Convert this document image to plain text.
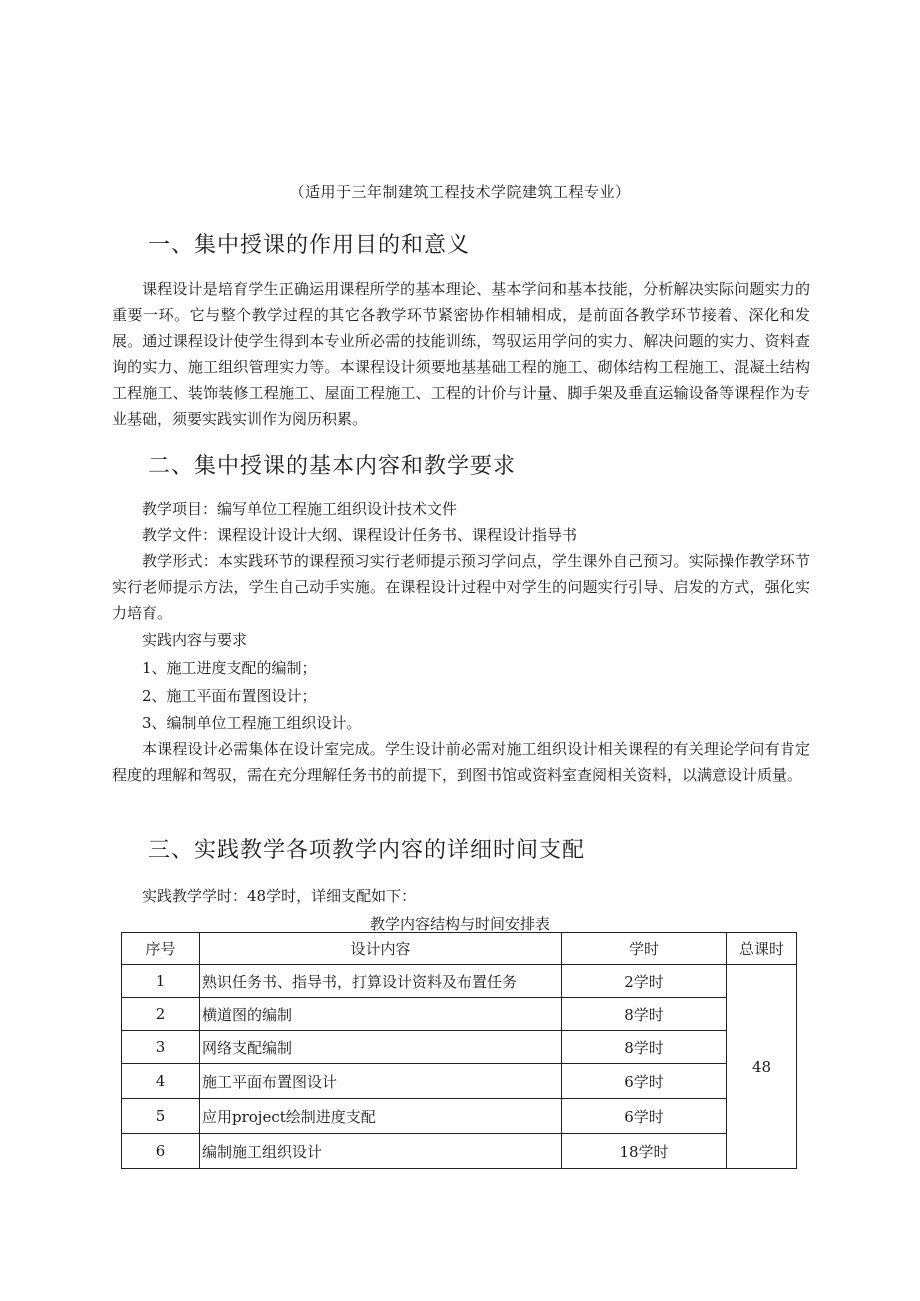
（适用于三年制建筑工程技术学院建筑工程专业）
一、集中授课的作用目的和意义

课程设计是培育学生正确运用课程所学的基本理论、基本学问和基本技能，分析解决实际问题实力的重要一环。它与整个教学过程的其它各教学环节紧密协作相辅相成，是前面各教学环节接着、深化和发展。通过课程设计使学生得到本专业所必需的技能训练，驾驭运用学问的实力、解决问题的实力、资料查询的实力、施工组织管理实力等。本课程设计须要地基基础工程的施工、砌体结构工程施工、混凝土结构工程施工、装饰装修工程施工、屋面工程施工、工程的计价与计量、脚手架及垂直运输设备等课程作为专业基础，须要实践实训作为阅历积累。

二、集中授课的基本内容和教学要求
教学项目：编写单位工程施工组织设计技术文件
教学文件：课程设计设计大纲、课程设计任务书、课程设计指导书

教学形式：本实践环节的课程预习实行老师提示预习学问点，学生课外自己预习。实际操作教学环节实行老师提示方法，学生自己动手实施。在课程设计过程中对学生的问题实行引导、启发的方式，强化实力培育。

实践内容与要求
1、施工进度支配的编制；
2、施工平面布置图设计；
3、编制单位工程施工组织设计。

本课程设计必需集体在设计室完成。学生设计前必需对施工组织设计相关课程的有关理论学问有肯定程度的理解和驾驭，需在充分理解任务书的前提下，到图书馆或资料室查阅相关资料，以满意设计质量。

三、实践教学各项教学内容的详细时间支配
实践教学学时：48学时，详细支配如下：
教学内容结构与时间安排表
序号	设计内容	学时	总课时
1	熟识任务书、指导书，打算设计资料及布置任务	2学时	48
2	横道图的编制	8学时	
3	网络支配编制	8学时	
4	施工平面布置图设计	6学时	
5	应用project绘制进度支配	6学时	
6	编制施工组织设计	18学时	
